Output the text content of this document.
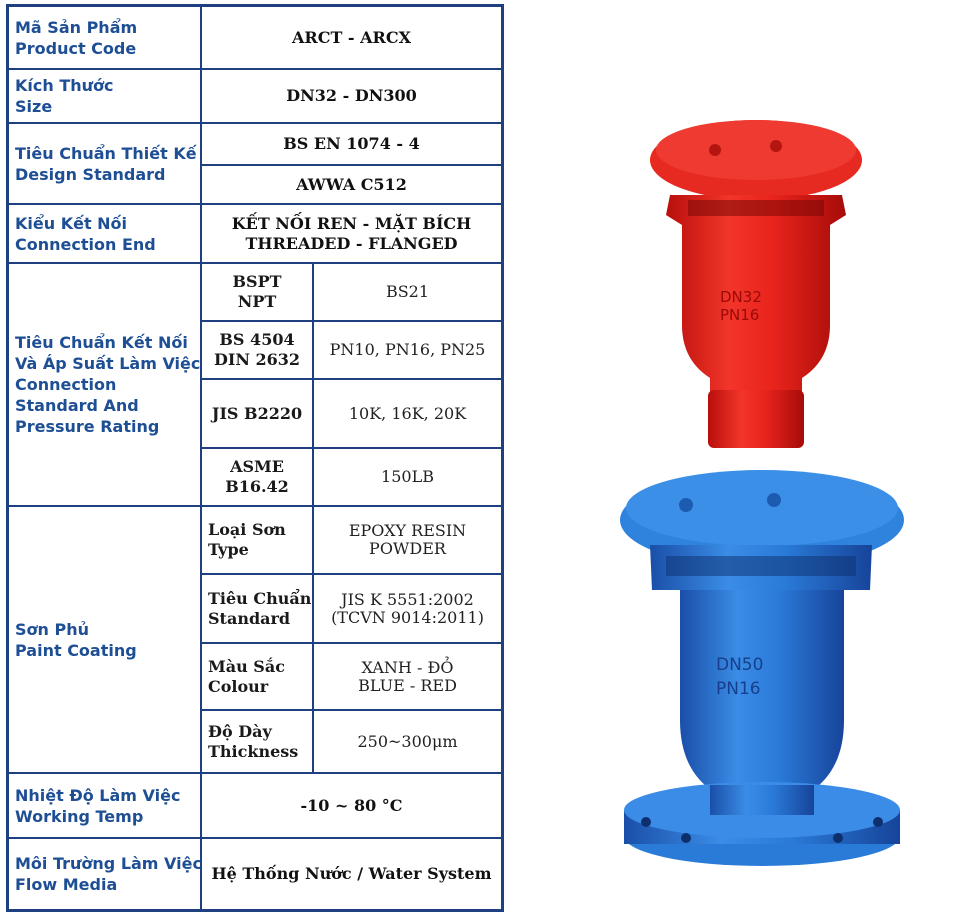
Mã Sản Phẩm
Product Code
ARCT - ARCX
Kích Thước
Size
DN32 - DN300
Tiêu Chuẩn Thiết Kế
Design Standard
BS EN 1074 - 4
AWWA C512
Kiểu Kết Nối
Connection End
KẾT NỐI REN - MẶT BÍCH
THREADED - FLANGED
Tiêu Chuẩn Kết Nối
Và Áp Suất Làm Việc
Connection
Standard And
Pressure Rating
BSPT
NPT
BS21
BS 4504
DIN 2632
PN10, PN16, PN25
JIS B2220	10K, 16K, 20K
ASME
B16.42
150LB
Sơn Phủ
Paint Coating
Loại Sơn
Type
EPOXY RESIN
POWDER
Tiêu Chuẩn
Standard
JIS K 5551:2002
(TCVN 9014:2011)
Màu Sắc
Colour
XANH - ĐỎ
BLUE - RED
Độ Dày
Thickness
250~300μm
Nhiệt Độ Làm Việc
Working Temp
-10 ~ 80 °C
Môi Trường Làm Việc
Flow Media
Hệ Thống Nước / Water System
DN32
PN16
DN50
PN16
